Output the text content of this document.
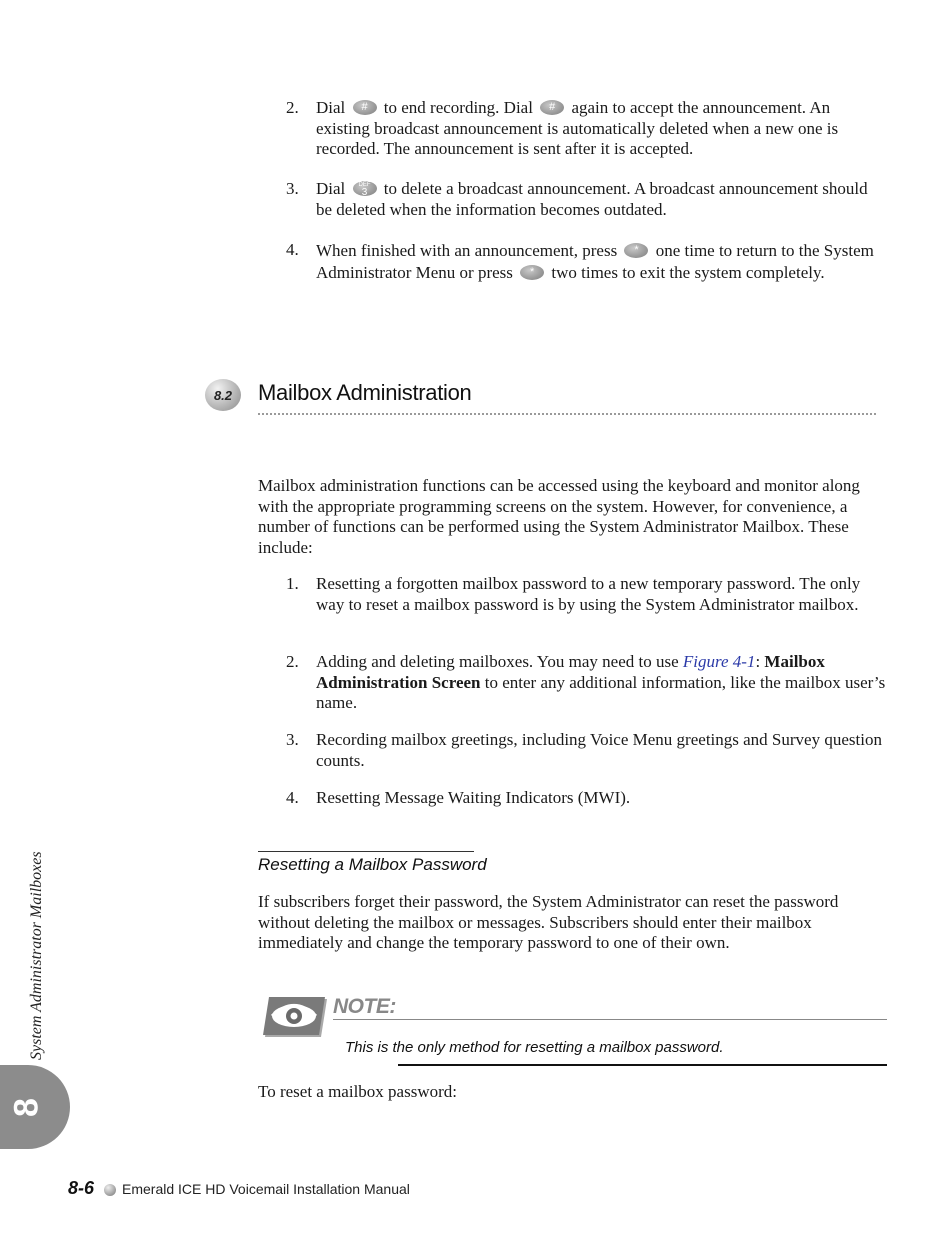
2.	Dial # to end recording. Dial # again to accept the announcement. An existing broadcast announcement is automatically deleted when a new one is recorded. The announcement is sent after it is accepted.
3.	Dial	DEF
3 to delete a broadcast announcement. A broadcast announcement should be deleted when the information becomes outdated.
4.	When finished with an announcement, press * one time to return to the System Administrator Menu or press * two times to exit the system completely.
8.2	Mailbox Administration
Mailbox administration functions can be accessed using the keyboard and monitor along with the appropriate programming screens on the system. However, for convenience, a number of functions can be performed using the System Administrator Mailbox. These include:
1.	Resetting a forgotten mailbox password to a new temporary password. The only way to reset a mailbox password is by using the System Administrator mailbox.
2.	Adding and deleting mailboxes. You may need to use Figure 4-1: Mailbox Administration Screen to enter any additional information, like the mailbox user’s name.
3.	Recording mailbox greetings, including Voice Menu greetings and Survey question counts.
4.	Resetting Message Waiting Indicators (MWI).
Resetting a Mailbox Password
If subscribers forget their password, the System Administrator can reset the password without deleting the mailbox or messages. Subscribers should enter their mailbox immediately and change the temporary password to one of their own.
NOTE:
This is the only method for resetting a mailbox password.
To reset a mailbox password:
System Administrator Mailboxes
8
8-6 Emerald ICE HD Voicemail Installation Manual
